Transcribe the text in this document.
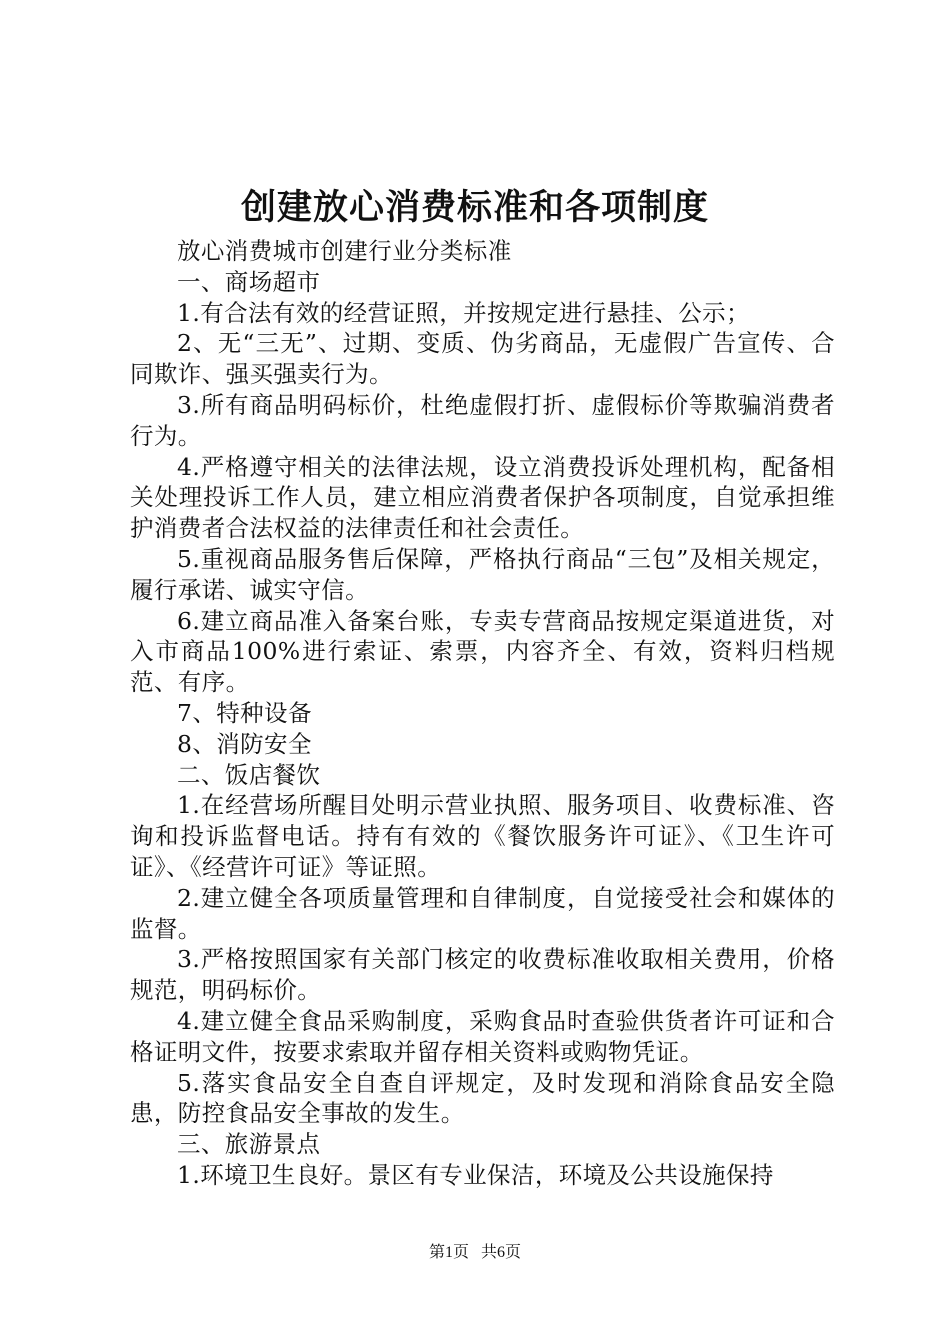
创建放心消费标准和各项制度

放心消费城市创建行业分类标准

一、商场超市

1.有合法有效的经营证照，并按规定进行悬挂、公示；

2、无“三无”、过期、变质、伪劣商品，无虚假广告宣传、合同欺诈、强买强卖行为。

3.所有商品明码标价，杜绝虚假打折、虚假标价等欺骗消费者行为。

4.严格遵守相关的法律法规，设立消费投诉处理机构，配备相关处理投诉工作人员，建立相应消费者保护各项制度，自觉承担维护消费者合法权益的法律责任和社会责任。

5.重视商品服务售后保障，严格执行商品“三包”及相关规定，履行承诺、诚实守信。

6.建立商品准入备案台账，专卖专营商品按规定渠道进货，对入市商品100%进行索证、索票，内容齐全、有效，资料归档规范、有序。

7、特种设备

8、消防安全

二、饭店餐饮

1.在经营场所醒目处明示营业执照、服务项目、收费标准、咨询和投诉监督电话。持有有效的《餐饮服务许可证》、《卫生许可证》、《经营许可证》等证照。

2.建立健全各项质量管理和自律制度，自觉接受社会和媒体的监督。

3.严格按照国家有关部门核定的收费标准收取相关费用，价格规范，明码标价。

4.建立健全食品采购制度，采购食品时查验供货者许可证和合格证明文件，按要求索取并留存相关资料或购物凭证。

5.落实食品安全自查自评规定，及时发现和消除食品安全隐患，防控食品安全事故的发生。

三、旅游景点

1.环境卫生良好。景区有专业保洁，环境及公共设施保持

第1页 共6页
